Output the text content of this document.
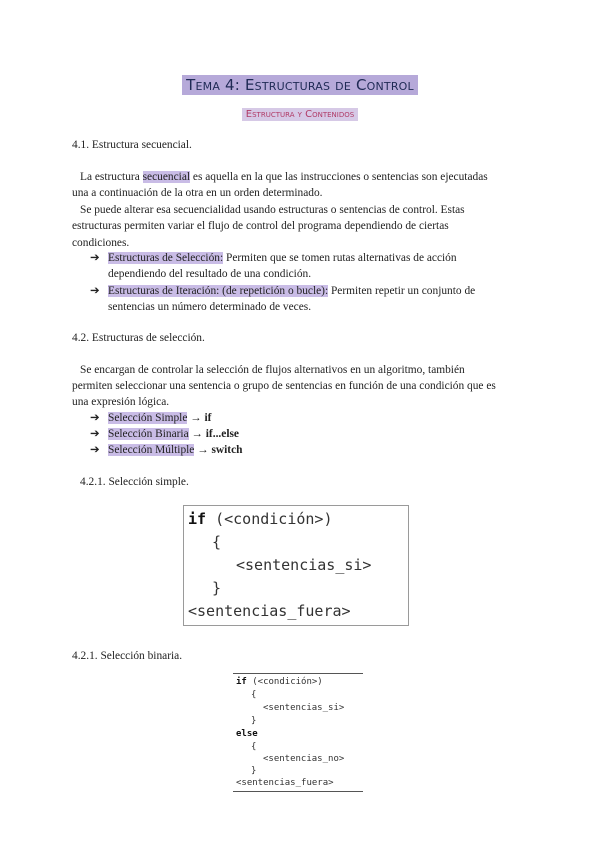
Tema 4: Estructuras de Control
Estructura y Contenidos
4.1. Estructura secuencial.
La estructura secuencial es aquella en la que las instrucciones o sentencias son ejecutadas
una a continuación de la otra en un orden determinado.
Se puede alterar esa secuencialidad usando estructuras o sentencias de control. Estas
estructuras permiten variar el flujo de control del programa dependiendo de ciertas
condiciones.
➔ Estructuras de Selección: Permiten que se tomen rutas alternativas de acción
dependiendo del resultado de una condición.
➔ Estructuras de Iteración: (de repetición o bucle): Permiten repetir un conjunto de
sentencias un número determinado de veces.
4.2. Estructuras de selección.
Se encargan de controlar la selección de flujos alternativos en un algoritmo, también
permiten seleccionar una sentencia o grupo de sentencias en función de una condición que es
una expresión lógica.
➔ Selección Simple → if
➔ Selección Binaria → if...else
➔ Selección Múltiple → switch
4.2.1. Selección simple.
if (<condición>)
{
<sentencias_si>
}
<sentencias_fuera>
4.2.1. Selección binaria.
if (<condición>)
{
<sentencias_si>
}
else
{
<sentencias_no>
}
<sentencias_fuera>
